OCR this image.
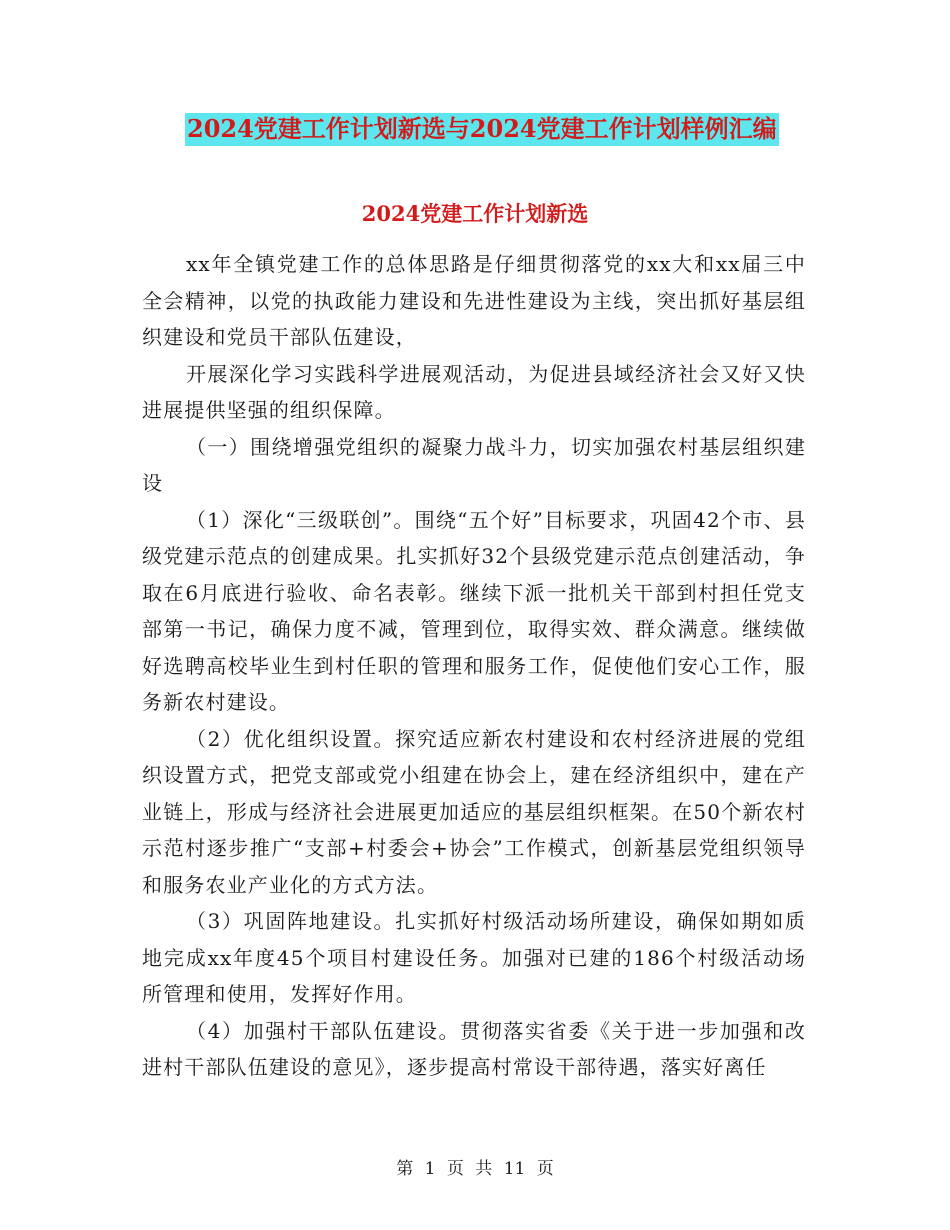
2024党建工作计划新选与2024党建工作计划样例汇编
2024党建工作计划新选

xx年全镇党建工作的总体思路是仔细贯彻落党的xx大和xx届三中全会精神，以党的执政能力建设和先进性建设为主线，突出抓好基层组织建设和党员干部队伍建设，

开展深化学习实践科学进展观活动，为促进县域经济社会又好又快进展提供坚强的组织保障。

（一）围绕增强党组织的凝聚力战斗力，切实加强农村基层组织建设

（1）深化“三级联创”。围绕“五个好”目标要求，巩固42个市、县级党建示范点的创建成果。扎实抓好32个县级党建示范点创建活动，争取在6月底进行验收、命名表彰。继续下派一批机关干部到村担任党支部第一书记，确保力度不减，管理到位，取得实效、群众满意。继续做好选聘高校毕业生到村任职的管理和服务工作，促使他们安心工作，服务新农村建设。

（2）优化组织设置。探究适应新农村建设和农村经济进展的党组织设置方式，把党支部或党小组建在协会上，建在经济组织中，建在产业链上，形成与经济社会进展更加适应的基层组织框架。在50个新农村示范村逐步推广“支部+村委会+协会”工作模式，创新基层党组织领导和服务农业产业化的方式方法。

（3）巩固阵地建设。扎实抓好村级活动场所建设，确保如期如质地完成xx年度45个项目村建设任务。加强对已建的186个村级活动场所管理和使用，发挥好作用。

（4）加强村干部队伍建设。贯彻落实省委《关于进一步加强和改进村干部队伍建设的意见》，逐步提高村常设干部待遇，落实好离任

第 1 页 共 11 页
